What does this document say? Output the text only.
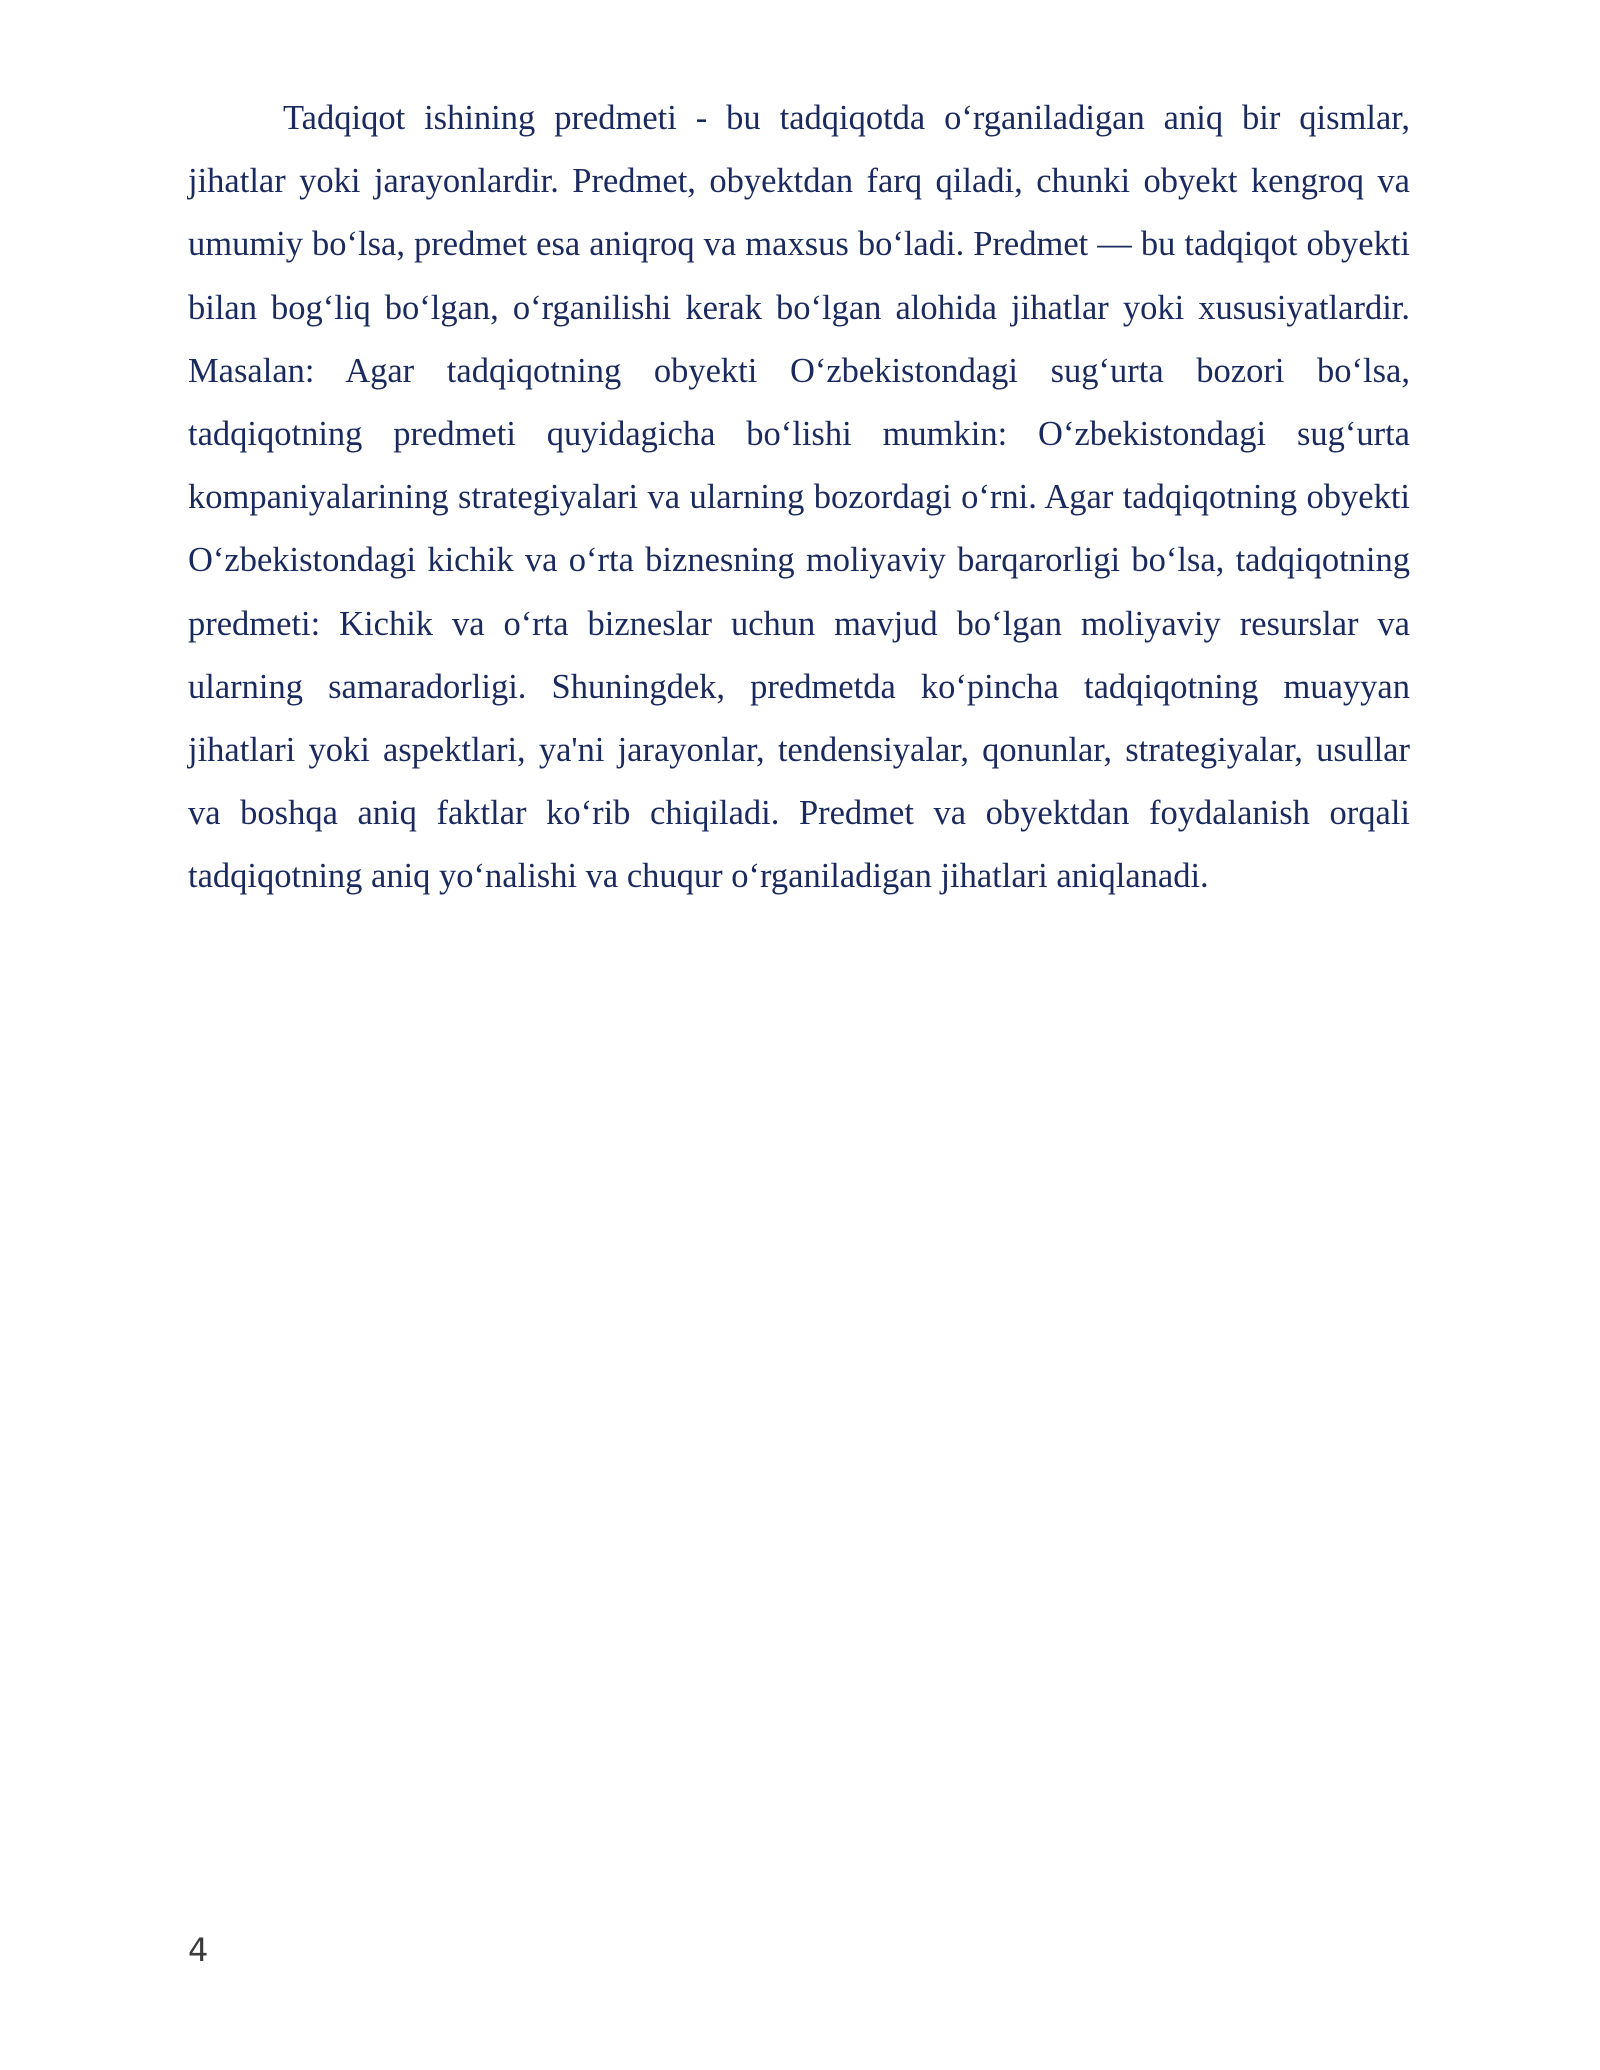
Tadqiqot ishining predmeti - bu tadqiqotda o‘rganiladigan aniq bir qismlar, jihatlar yoki jarayonlardir. Predmet, obyektdan farq qiladi, chunki obyekt kengroq va umumiy bo‘lsa, predmet esa aniqroq va maxsus bo‘ladi. Predmet — bu tadqiqot obyekti bilan bog‘liq bo‘lgan, o‘rganilishi kerak bo‘lgan alohida jihatlar yoki xususiyatlardir. Masalan: Agar tadqiqotning obyekti O‘zbekistondagi sug‘urta bozori bo‘lsa, tadqiqotning predmeti quyidagicha bo‘lishi mumkin: O‘zbekistondagi sug‘urta kompaniyalarining strategiyalari va ularning bozordagi o‘rni. Agar tadqiqotning obyekti O‘zbekistondagi kichik va o‘rta biznesning moliyaviy barqarorligi bo‘lsa, tadqiqotning predmeti: Kichik va o‘rta bizneslar uchun mavjud bo‘lgan moliyaviy resurslar va ularning samaradorligi. Shuningdek, predmetda ko‘pincha tadqiqotning muayyan jihatlari yoki aspektlari, ya'ni jarayonlar, tendensiyalar, qonunlar, strategiyalar, usullar va boshqa aniq faktlar ko‘rib chiqiladi. Predmet va obyektdan foydalanish orqali tadqiqotning aniq yo‘nalishi va chuqur o‘rganiladigan jihatlari aniqlanadi.

4
